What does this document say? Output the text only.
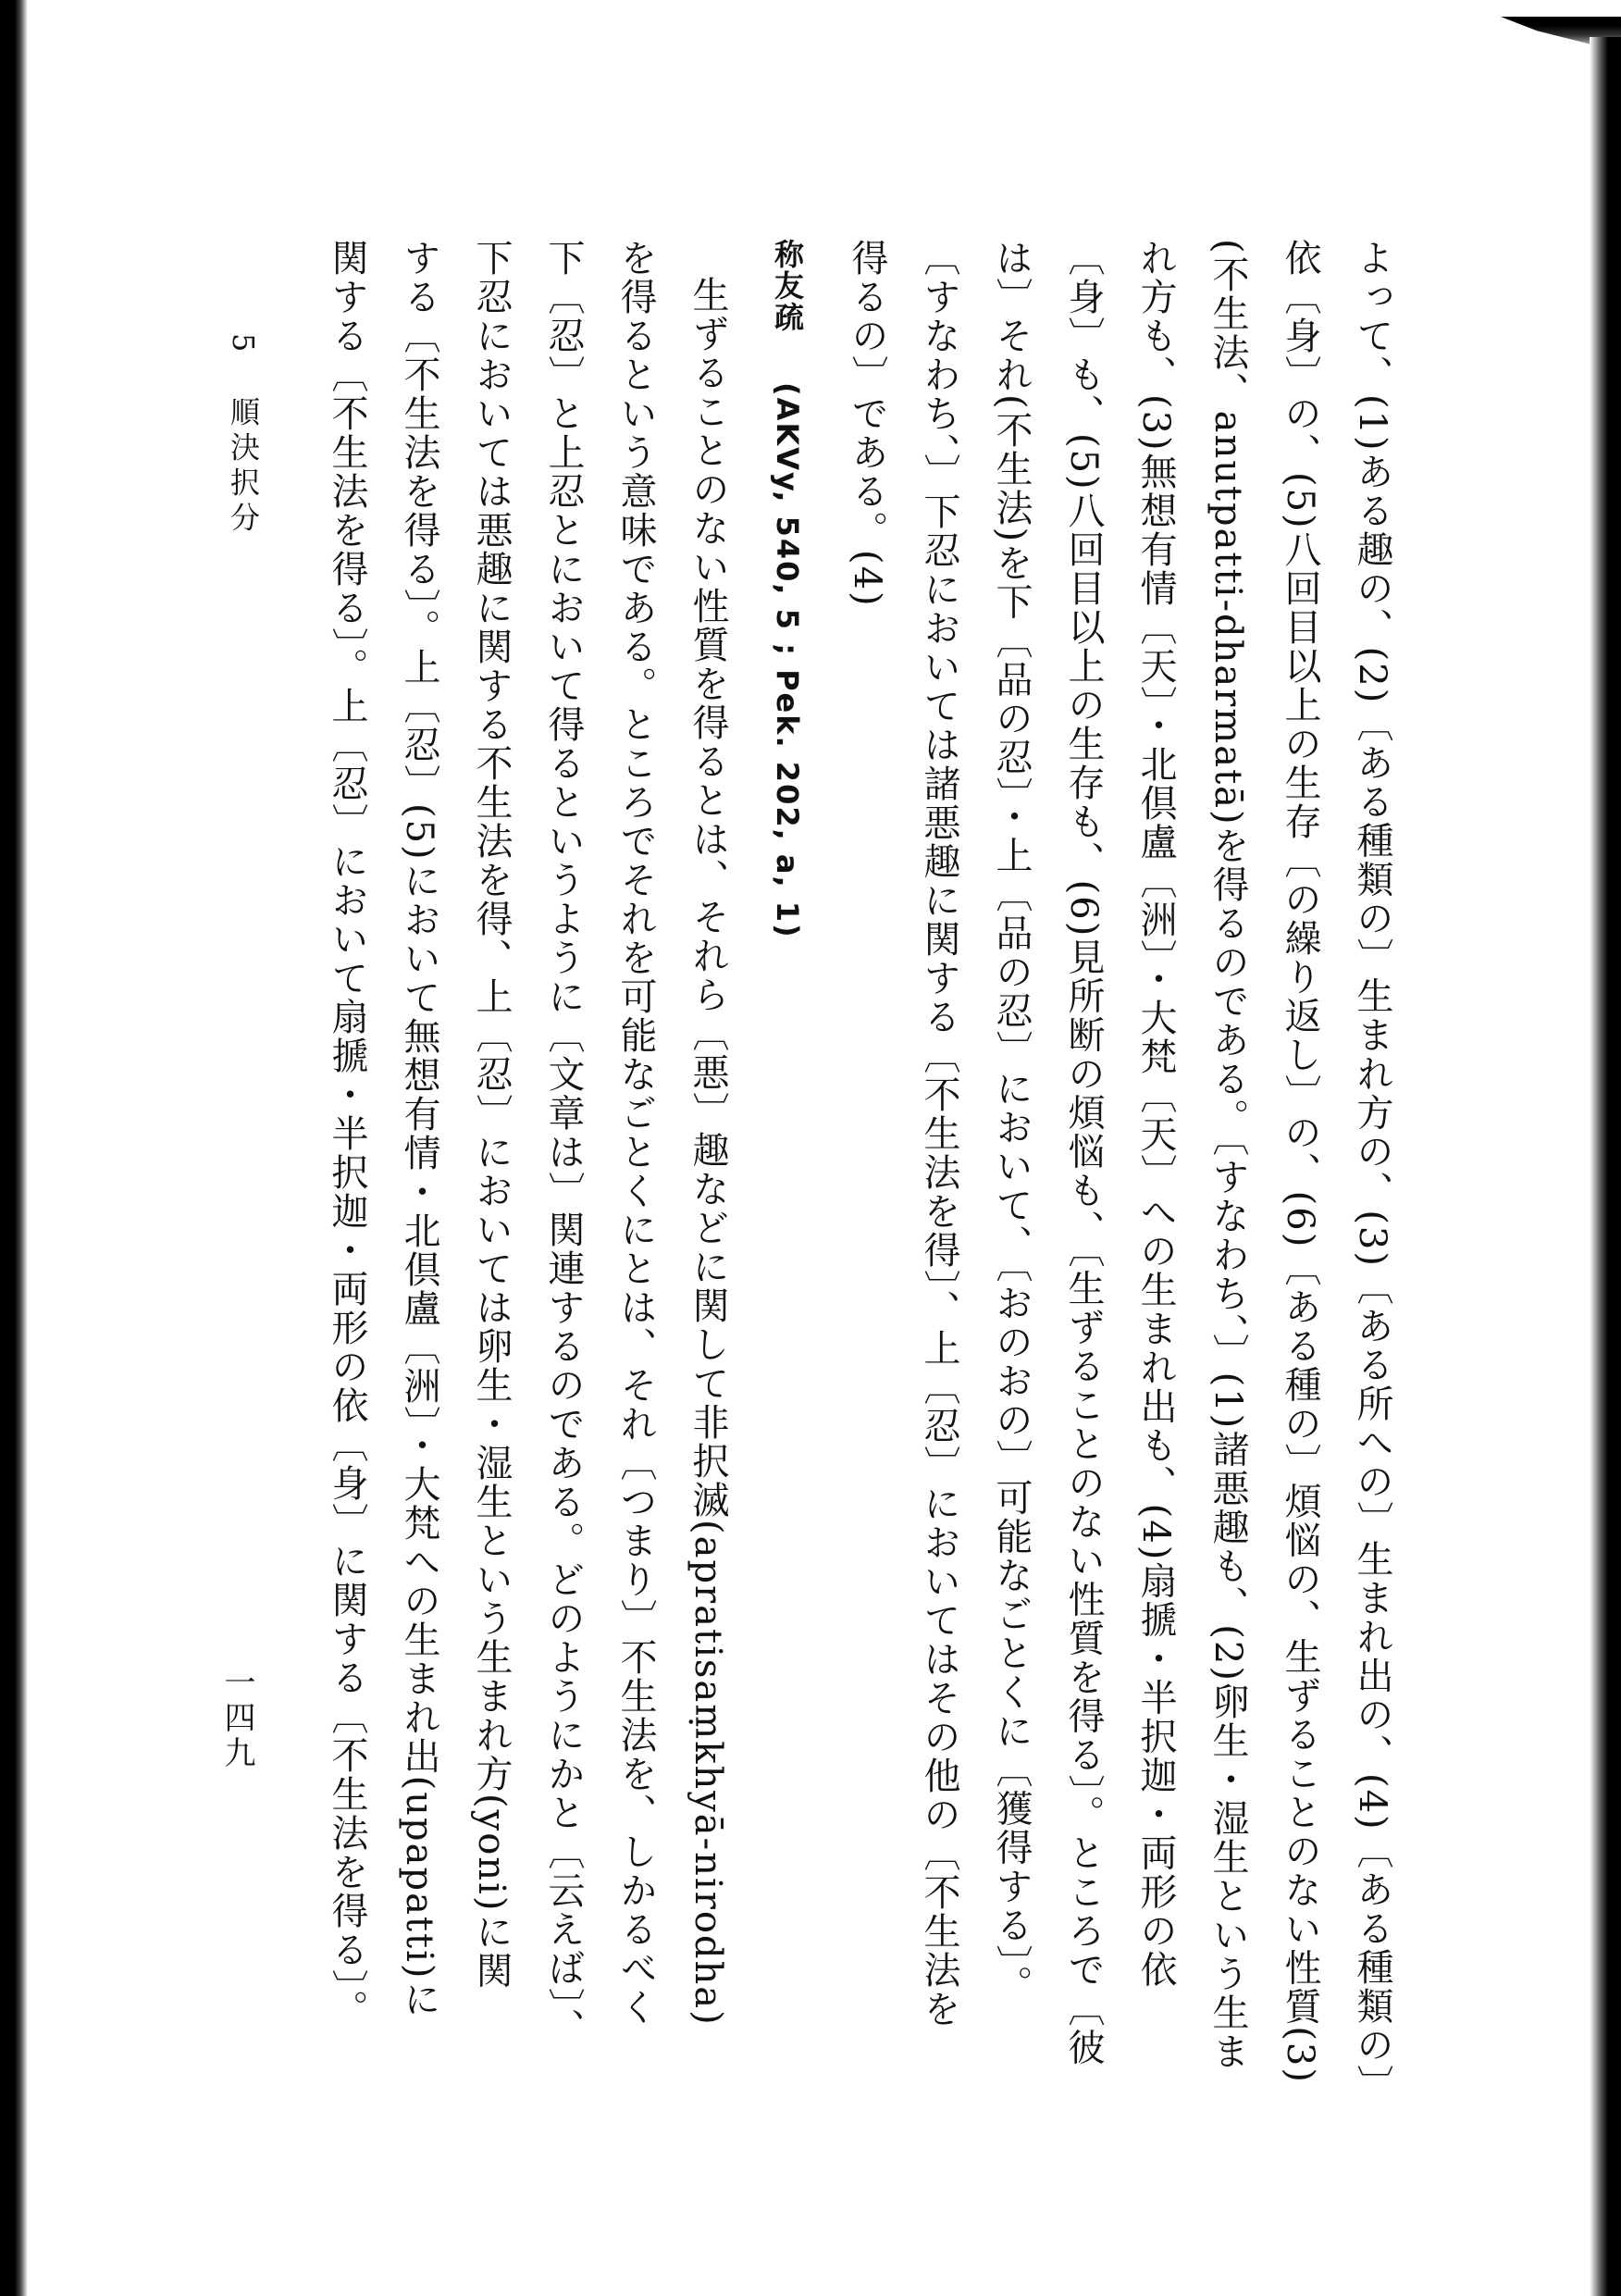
よって、(1)ある趣の、(2)〔ある種類の〕生まれ方の、(3)〔ある所への〕生まれ出の、(4)〔ある種類の〕
依〔身〕の、(5)八回目以上の生存〔の繰り返し〕の、(6)〔ある種の〕煩悩の、生ずることのない性質(3)
(不生法、anutpatti-dharmatā)を得るのである。〔すなわち、〕(1)諸悪趣も、(2)卵生・湿生という生ま
れ方も、(3)無想有情〔天〕・北倶盧〔洲〕・大梵〔天〕への生まれ出も、(4)扇搋・半択迦・両形の依
〔身〕も、(5)八回目以上の生存も、(6)見所断の煩悩も、〔生ずることのない性質を得る〕。ところで〔彼
は〕それ(不生法)を下〔品の忍〕・上〔品の忍〕において、〔おのおの〕可能なごとくに〔獲得する〕。
〔すなわち、〕下忍においては諸悪趣に関する〔不生法を得〕、上〔忍〕においてはその他の〔不生法を
得るの〕である。(4)
称友疏 (AKVy, 540, 5 ; Pek. 202, a, 1)
生ずることのない性質を得るとは、それら〔悪〕趣などに関して非択滅(apratisaṃkhyā-nirodha)
を得るという意味である。ところでそれを可能なごとくにとは、それ〔つまり〕不生法を、しかるべく
下〔忍〕と上忍とにおいて得るというように〔文章は〕関連するのである。どのようにかと〔云えば〕、
下忍においては悪趣に関する不生法を得、上〔忍〕においては卵生・湿生という生まれ方(yoni)に関
する〔不生法を得る〕。上〔忍〕(5)において無想有情・北倶盧〔洲〕・大梵への生まれ出(upapatti)に
関する〔不生法を得る〕。上〔忍〕において扇搋・半択迦・両形の依〔身〕に関する〔不生法を得る〕。
5 順決択分
一四九
